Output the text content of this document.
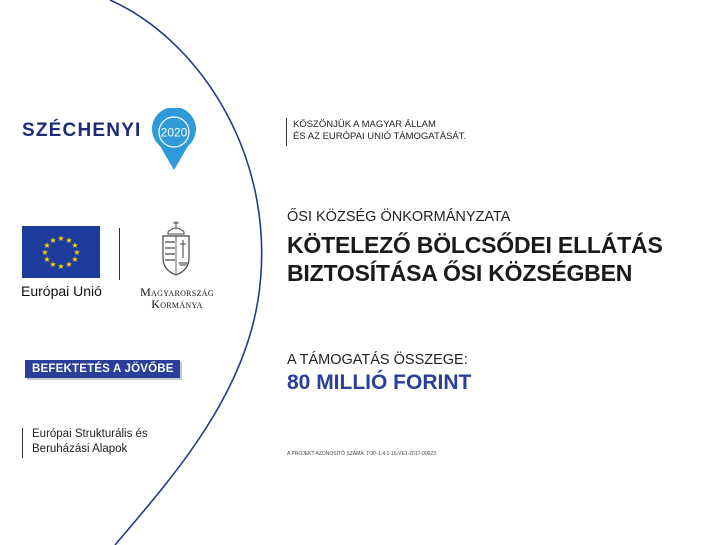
SZÉCHENYI 2020
★ ★
★
★
★
★
★
★
★
★
★
★
Európai Unió	Magyarország
Kormánya
BEFEKTETÉS A JÖVŐBE
Európai Strukturális és
Beruházási Alapok
KÖSZÖNJÜK A MAGYAR ÁLLAM
ÉS AZ EURÓPAI UNIÓ TÁMOGATÁSÁT.
ŐSI KÖZSÉG ÖNKORMÁNYZATA
KÖTELEZŐ BÖLCSŐDEI ELLÁTÁS
BIZTOSÍTÁSA ŐSI KÖZSÉGBEN
A TÁMOGATÁS ÖSSZEGE:
80 MILLIÓ FORINT
A PROJEKT AZONOSÍTÓ SZÁMA: TOP-1.4.1-16-VE1-2017-00023
